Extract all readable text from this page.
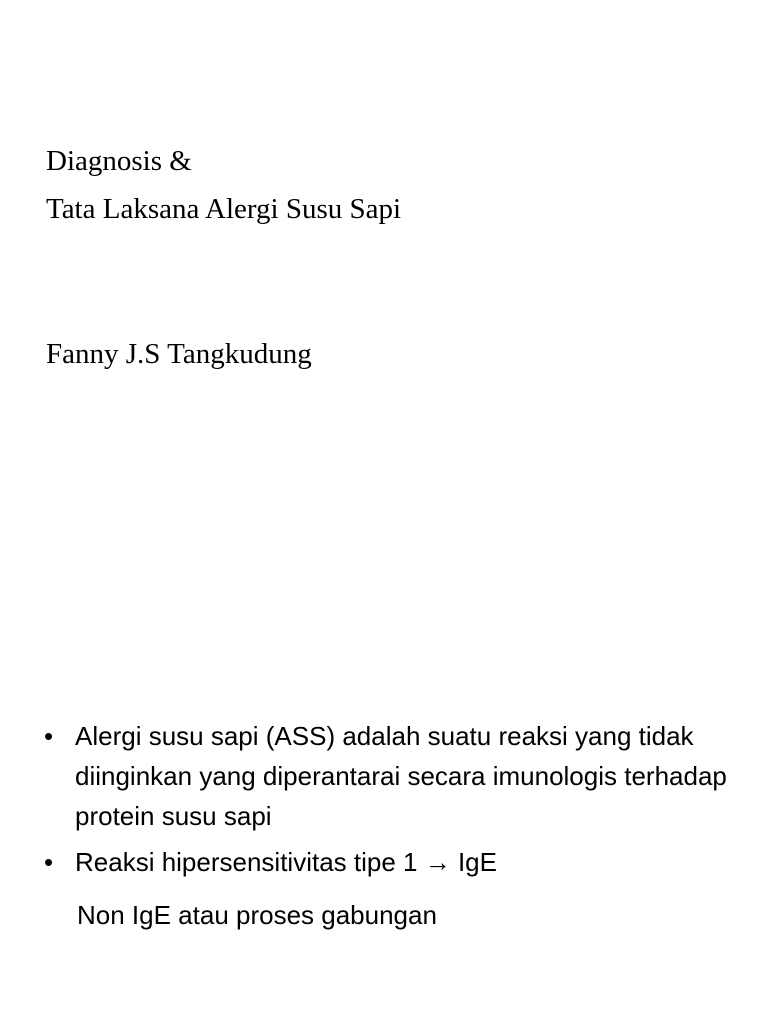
Diagnosis &
Tata Laksana Alergi Susu Sapi
Fanny J.S Tangkudung
• Alergi susu sapi (ASS) adalah suatu reaksi yang tidak diinginkan yang diperantarai secara imunologis terhadap protein susu sapi
• Reaksi hipersensitivitas tipe 1 → IgE
Non IgE atau proses gabungan
